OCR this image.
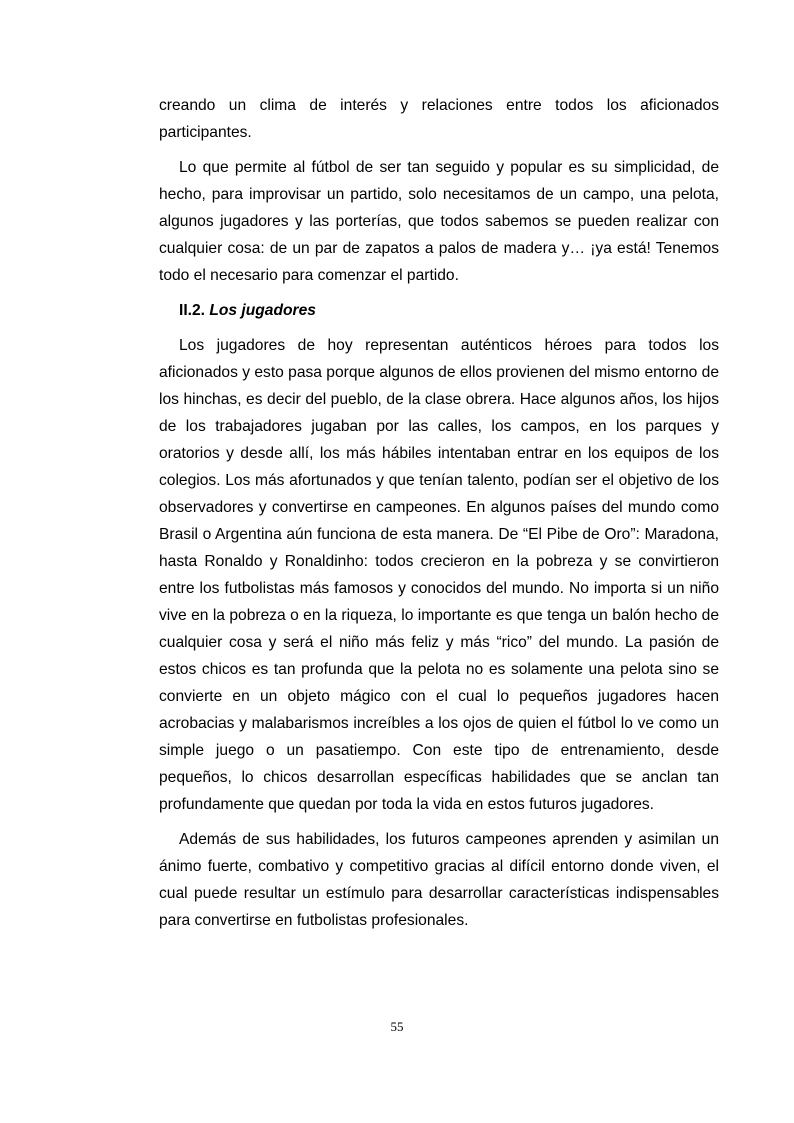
creando un clima de interés y relaciones entre todos los aficionados participantes.

Lo que permite al fútbol de ser tan seguido y popular es su simplicidad, de hecho, para improvisar un partido, solo necesitamos de un campo, una pelota, algunos jugadores y las porterías, que todos sabemos se pueden realizar con cualquier cosa: de un par de zapatos a palos de madera y… ¡ya está! Tenemos todo el necesario para comenzar el partido.

II.2. Los jugadores

Los jugadores de hoy representan auténticos héroes para todos los aficionados y esto pasa porque algunos de ellos provienen del mismo entorno de los hinchas, es decir del pueblo, de la clase obrera. Hace algunos años, los hijos de los trabajadores jugaban por las calles, los campos, en los parques y oratorios y desde allí, los más hábiles intentaban entrar en los equipos de los colegios. Los más afortunados y que tenían talento, podían ser el objetivo de los observadores y convertirse en campeones. En algunos países del mundo como Brasil o Argentina aún funciona de esta manera. De “El Pibe de Oro”: Maradona, hasta Ronaldo y Ronaldinho: todos crecieron en la pobreza y se convirtieron entre los futbolistas más famosos y conocidos del mundo. No importa si un niño vive en la pobreza o en la riqueza, lo importante es que tenga un balón hecho de cualquier cosa y será el niño más feliz y más “rico” del mundo. La pasión de estos chicos es tan profunda que la pelota no es solamente una pelota sino se convierte en un objeto mágico con el cual lo pequeños jugadores hacen acrobacias y malabarismos increíbles a los ojos de quien el fútbol lo ve como un simple juego o un pasatiempo. Con este tipo de entrenamiento, desde pequeños, lo chicos desarrollan específicas habilidades que se anclan tan profundamente que quedan por toda la vida en estos futuros jugadores.

Además de sus habilidades, los futuros campeones aprenden y asimilan un ánimo fuerte, combativo y competitivo gracias al difícil entorno donde viven, el cual puede resultar un estímulo para desarrollar características indispensables para convertirse en futbolistas profesionales.

55
